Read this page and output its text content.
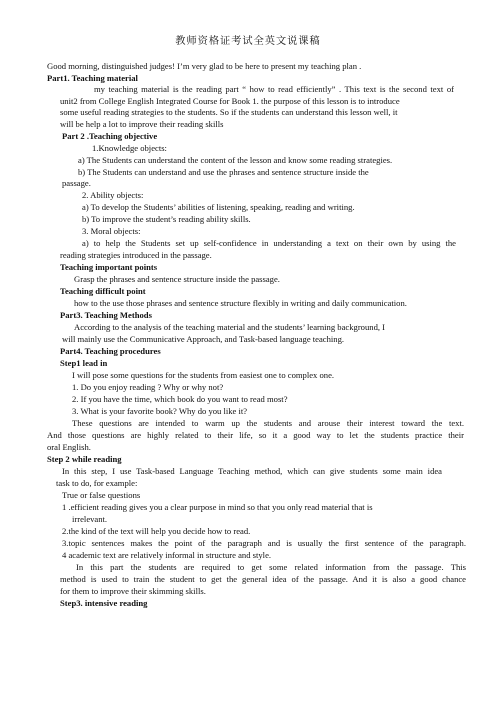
教师资格证考试全英文说课稿
Good morning, distinguished judges! I’m very glad to be here to present my teaching plan .
Part1. Teaching material
my teaching material is the reading part “ how to read efficiently” . This text is the second text of
unit2 from College English Integrated Course for Book 1. the purpose of this lesson is to introduce
some useful reading strategies to the students. So if the students can understand this lesson well, it
will be help a lot to improve their reading skills
Part 2 .Teaching objective
1.Knowledge objects:
a) The Students can understand the content of the lesson and know some reading strategies.
b) The Students can understand and use the phrases and sentence structure inside the
passage.
2. Ability objects:
a) To develop the Students’ abilities of listening, speaking, reading and writing.
b) To improve the student’s reading ability skills.
3. Moral objects:
a) to help the Students set up self-confidence in understanding a text on their own by using the
reading strategies introduced in the passage.
Teaching important points
Grasp the phrases and sentence structure inside the passage.
Teaching difficult point
how to the use those phrases and sentence structure flexibly in writing and daily communication.
Part3. Teaching Methods
According to the analysis of the teaching material and the students’ learning background, I
will mainly use the Communicative Approach, and Task-based language teaching.
Part4. Teaching procedures
Step1 lead in
I will pose some questions for the students from easiest one to complex one.
1. Do you enjoy reading ? Why or why not?
2. If you have the time, which book do you want to read most?
3. What is your favorite book? Why do you like it?
These questions are intended to warm up the students and arouse their interest toward the text.
And those questions are highly related to their life, so it a good way to let the students practice their
oral English.
Step 2 while reading
In this step, I use Task-based Language Teaching method, which can give students some main idea
task to do, for example:
True or false questions
1 .efficient reading gives you a clear purpose in mind so that you only read material that is
irrelevant.
2.the kind of the text will help you decide how to read.
3.topic sentences makes the point of the paragraph and is usually the first sentence of the paragraph.
4 academic text are relatively informal in structure and style.
In this part the students are required to get some related information from the passage. This
method is used to train the student to get the general idea of the passage. And it is also a good chance
for them to improve their skimming skills.
Step3. intensive reading
